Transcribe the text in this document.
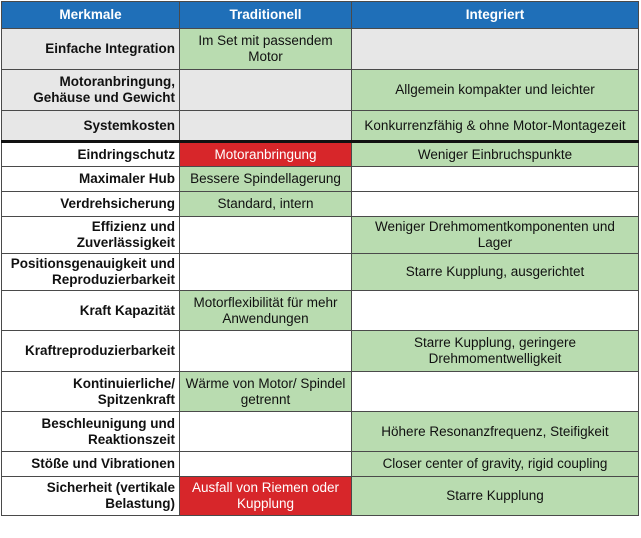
Merkmale	Traditionell	Integriert
Einfache Integration	Im Set mit passendem Motor	
Motoranbringung, Gehäuse und Gewicht		Allgemein kompakter und leichter
Systemkosten		Konkurrenzfähig & ohne Motor-Montagezeit
Eindringschutz	Motoranbringung	Weniger Einbruchspunkte
Maximaler Hub	Bessere Spindellagerung	
Verdrehsicherung	Standard, intern	
Effizienz und Zuverlässigkeit		Weniger Drehmomentkomponenten und Lager
Positionsgenauigkeit und Reproduzierbarkeit		Starre Kupplung, ausgerichtet
Kraft Kapazität	Motorflexibilität für mehr Anwendungen	
Kraftreproduzierbarkeit		Starre Kupplung, geringere Drehmomentwelligkeit
Kontinuierliche/ Spitzenkraft	Wärme von Motor/ Spindel getrennt	
Beschleunigung und Reaktionszeit		Höhere Resonanzfrequenz, Steifigkeit
Stöße und Vibrationen		Closer center of gravity, rigid coupling
Sicherheit (vertikale Belastung)	Ausfall von Riemen oder Kupplung	Starre Kupplung
